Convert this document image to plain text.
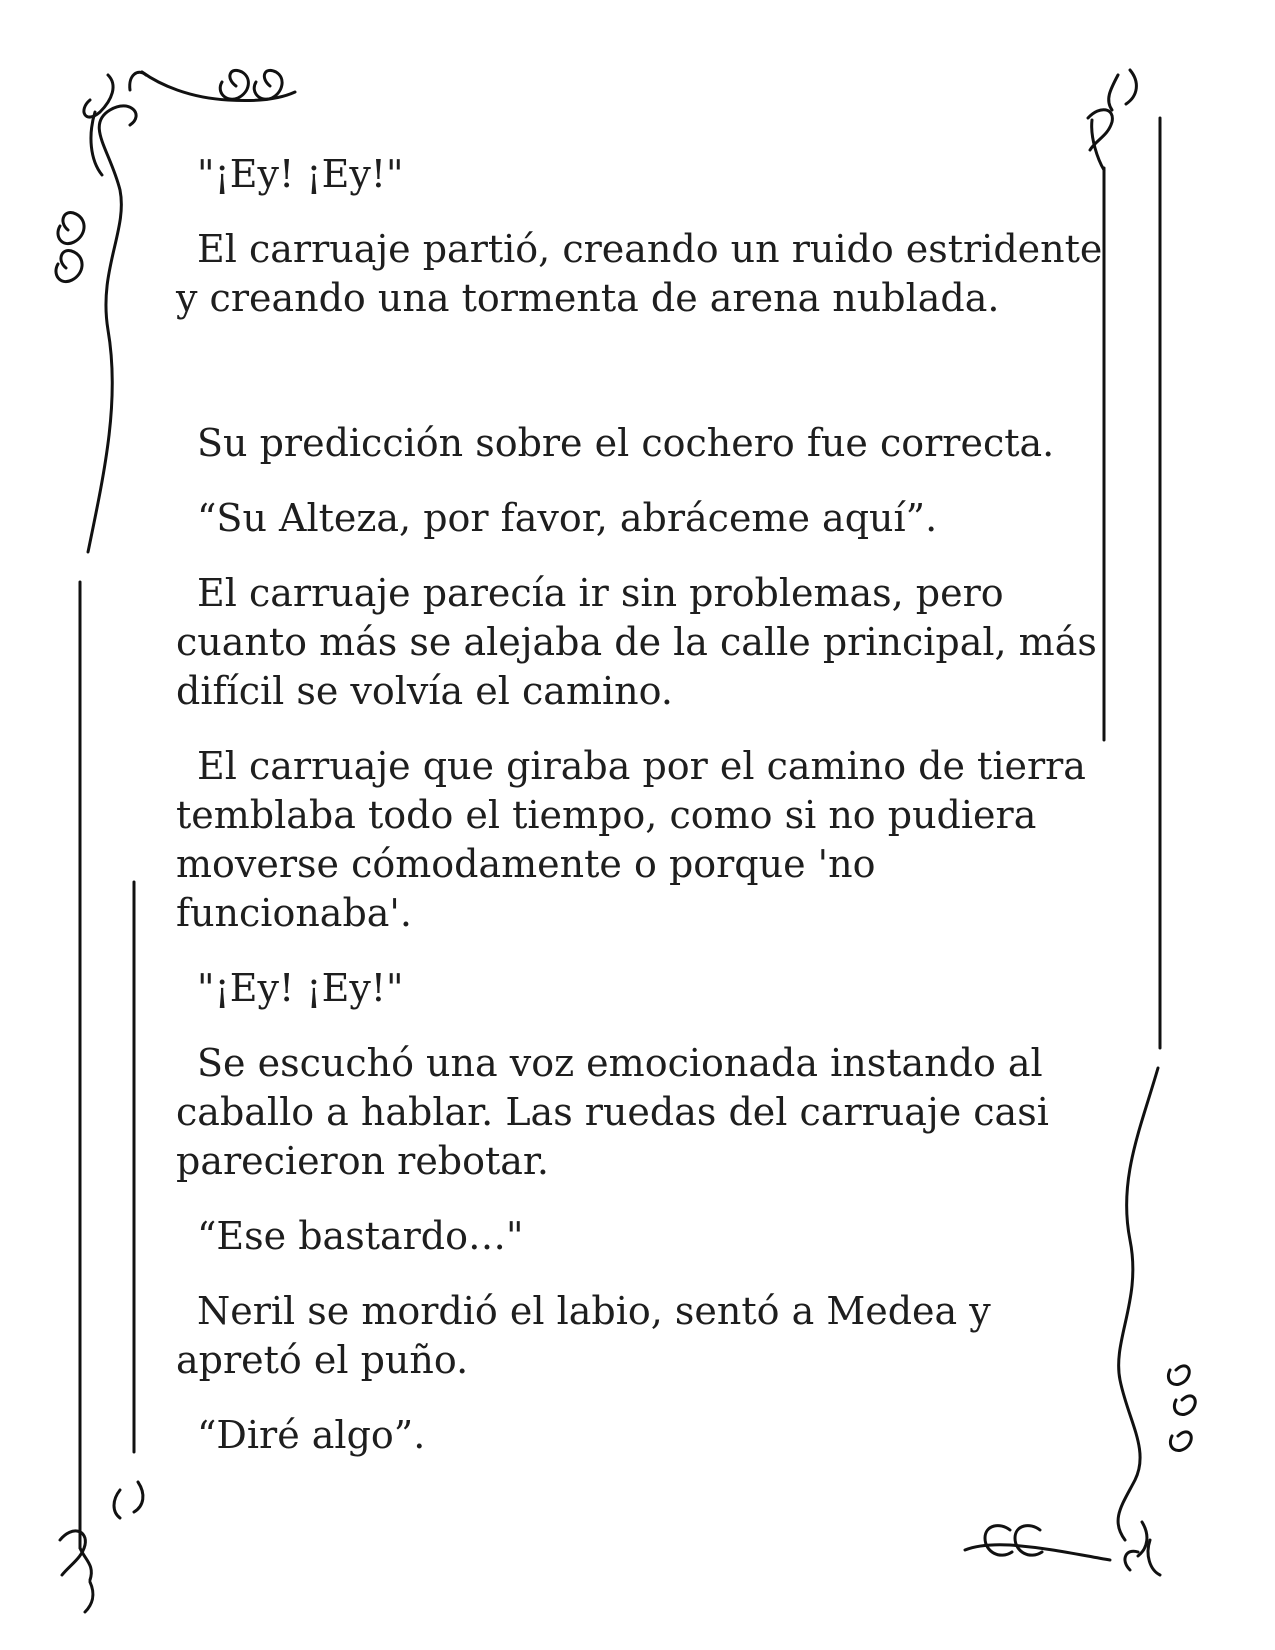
"¡Ey! ¡Ey!"

El carruaje partió, creando un ruido estridente y creando una tormenta de arena nublada.

Su predicción sobre el cochero fue correcta.

“Su Alteza, por favor, abráceme aquí”.

El carruaje parecía ir sin problemas, pero cuanto más se alejaba de la calle principal, más difícil se volvía el camino.

El carruaje que giraba por el camino de tierra temblaba todo el tiempo, como si no pudiera moverse cómodamente o porque 'no funcionaba'.

"¡Ey! ¡Ey!"

Se escuchó una voz emocionada instando al caballo a hablar. Las ruedas del carruaje casi parecieron rebotar.

“Ese bastardo…"

Neril se mordió el labio, sentó a Medea y apretó el puño.

“Diré algo”.
